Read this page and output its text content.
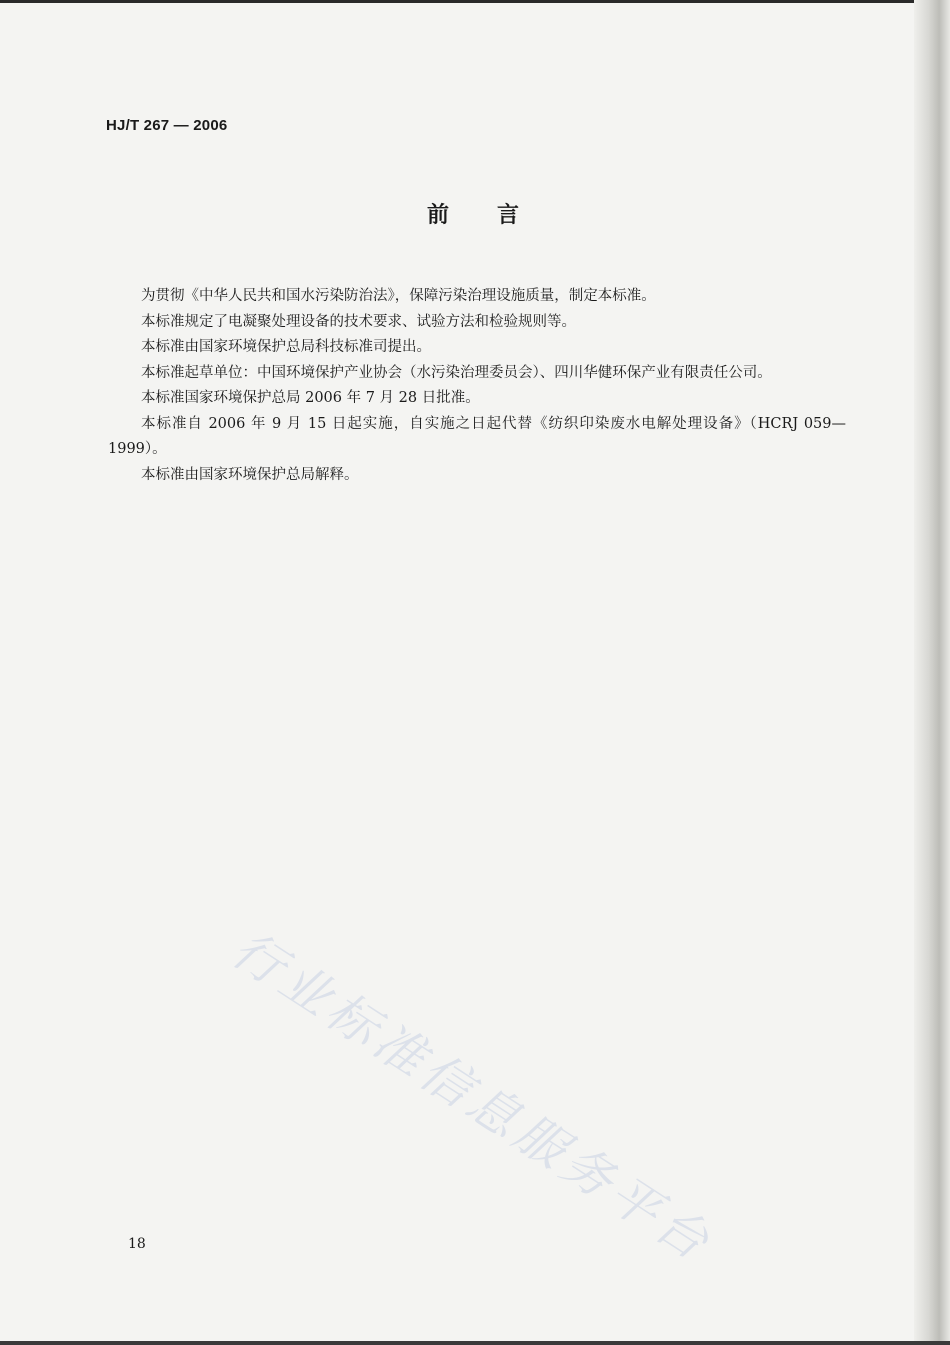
HJ/T 267 — 2006
前言

为贯彻《中华人民共和国水污染防治法》，保障污染治理设施质量，制定本标准。

本标准规定了电凝聚处理设备的技术要求、试验方法和检验规则等。

本标准由国家环境保护总局科技标准司提出。

本标准起草单位：中国环境保护产业协会（水污染治理委员会）、四川华健环保产业有限责任公司。

本标准国家环境保护总局 2006 年 7 月 28 日批准。

本标准自 2006 年 9 月 15 日起实施，自实施之日起代替《纺织印染废水电解处理设备》（HCRJ 059—1999）。

本标准由国家环境保护总局解释。

行业标准信息服务平台
18
